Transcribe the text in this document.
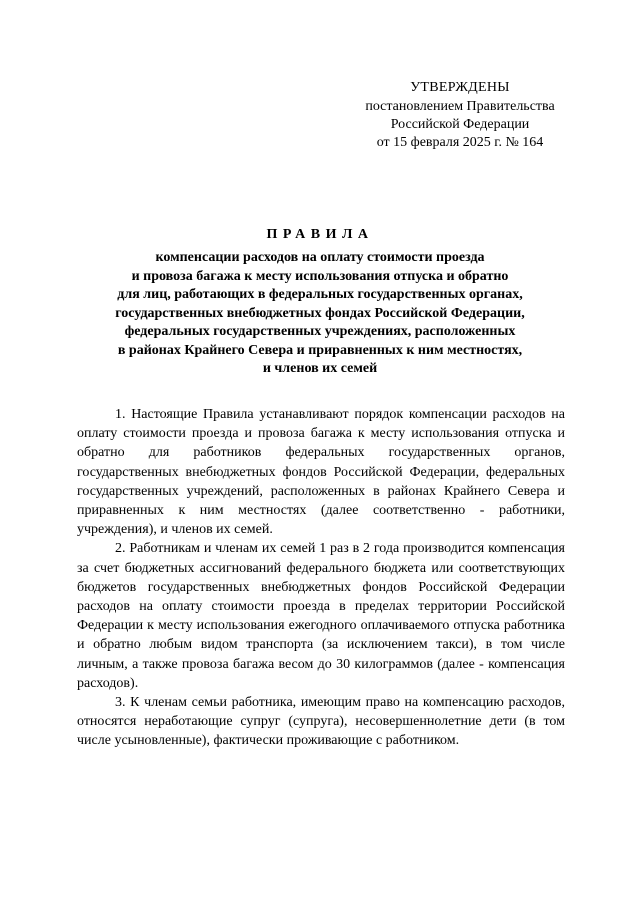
УТВЕРЖДЕНЫ
постановлением Правительства
Российской Федерации
от 15 февраля 2025 г. № 164
ПРАВИЛА
компенсации расходов на оплату стоимости проезда
и провоза багажа к месту использования отпуска и обратно
для лиц, работающих в федеральных государственных органах,
государственных внебюджетных фондах Российской Федерации,
федеральных государственных учреждениях, расположенных
в районах Крайнего Севера и приравненных к ним местностях,
и членов их семей

1. Настоящие Правила устанавливают порядок компенсации расходов на оплату стоимости проезда и провоза багажа к месту использования отпуска и обратно для работников федеральных государственных органов, государственных внебюджетных фондов Российской Федерации, федеральных государственных учреждений, расположенных в районах Крайнего Севера и приравненных к ним местностях (далее соответственно - работники, учреждения), и членов их семей.

2. Работникам и членам их семей 1 раз в 2 года производится компенсация за счет бюджетных ассигнований федерального бюджета или соответствующих бюджетов государственных внебюджетных фондов Российской Федерации расходов на оплату стоимости проезда в пределах территории Российской Федерации к месту использования ежегодного оплачиваемого отпуска работника и обратно любым видом транспорта (за исключением такси), в том числе личным, а также провоза багажа весом до 30 килограммов (далее - компенсация расходов).

3. К членам семьи работника, имеющим право на компенсацию расходов, относятся неработающие супруг (супруга), несовершеннолетние дети (в том числе усыновленные), фактически проживающие с работником.
